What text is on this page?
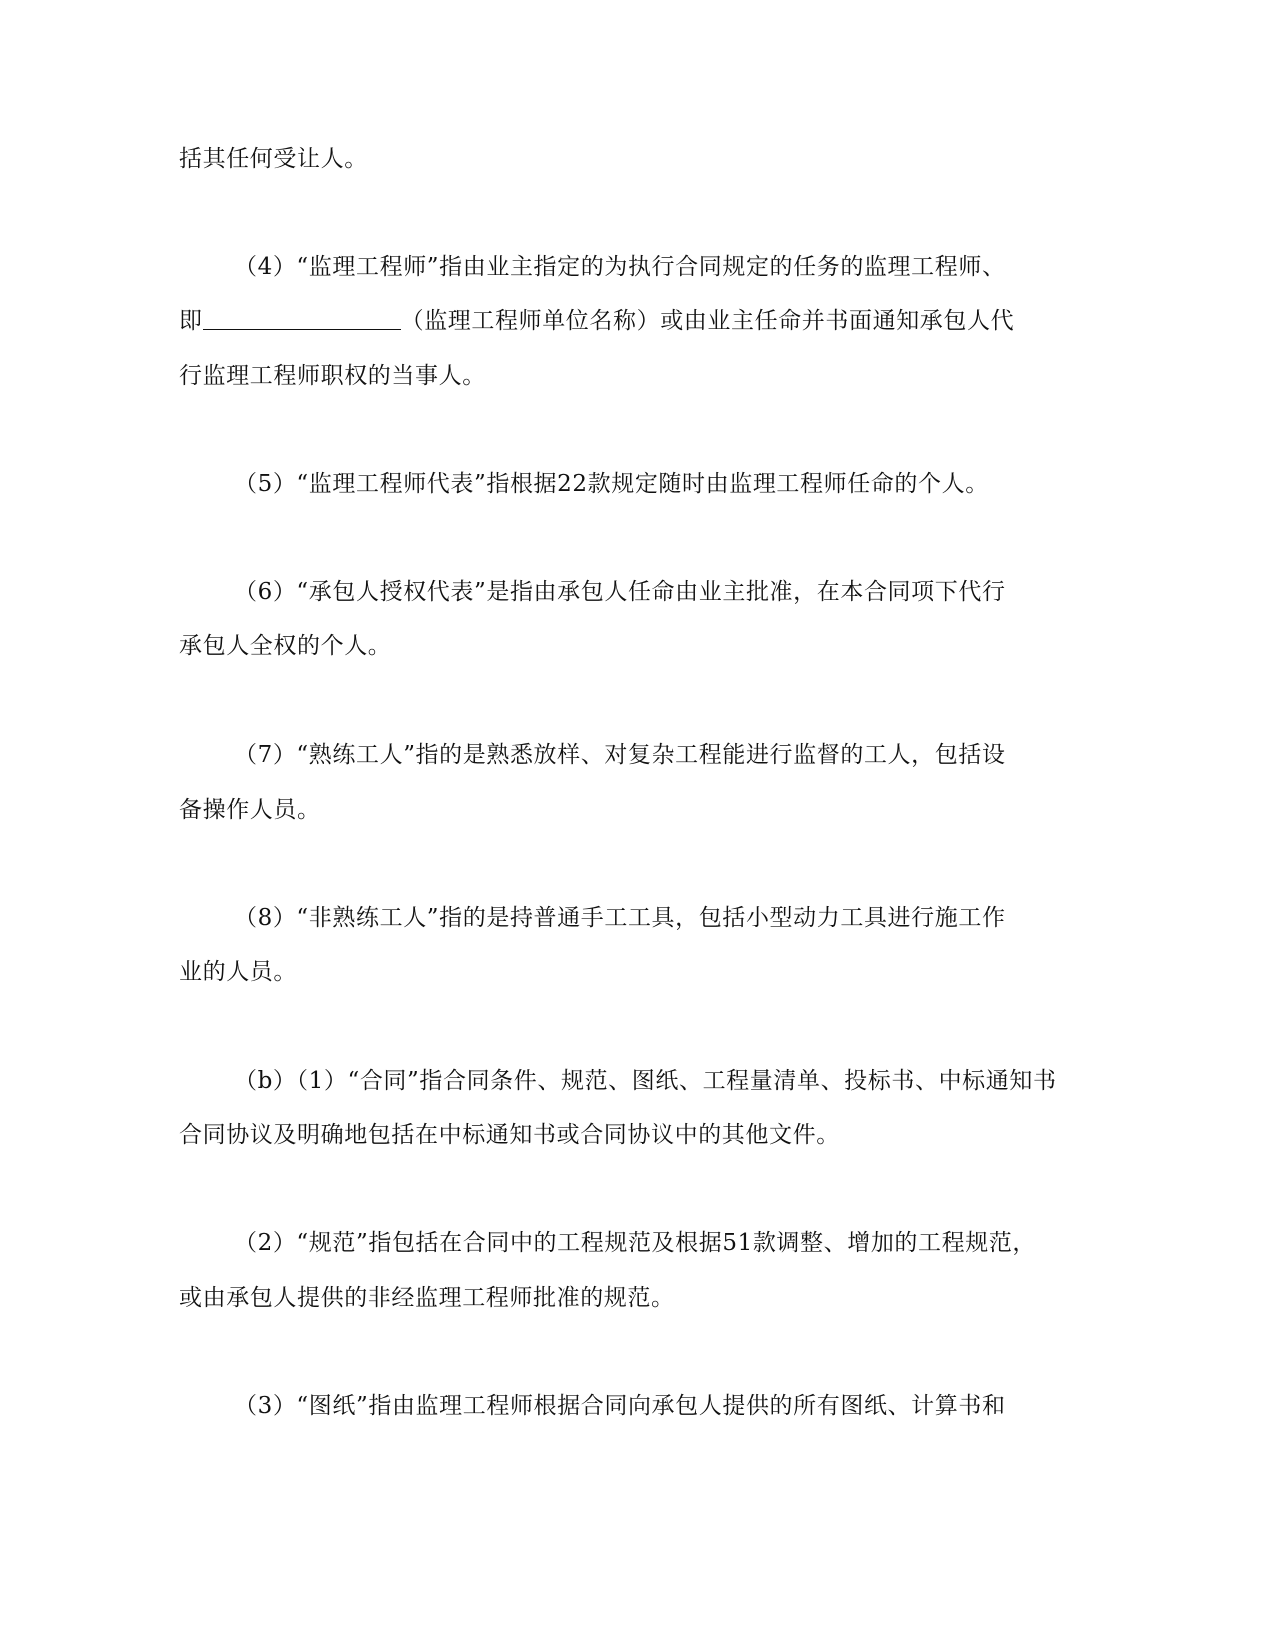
括其任何受让人。
（4）“监理工程师”指由业主指定的为执行合同规定的任务的监理工程师、
即	（监理工程师单位名称）或由业主任命并书面通知承包人代
行监理工程师职权的当事人。
（5）“监理工程师代表”指根据22款规定随时由监理工程师任命的个人。
（6）“承包人授权代表”是指由承包人任命由业主批准，在本合同项下代行
承包人全权的个人。
（7）“熟练工人”指的是熟悉放样、对复杂工程能进行监督的工人，包括设
备操作人员。
（8）“非熟练工人”指的是持普通手工工具，包括小型动力工具进行施工作
业的人员。
（b）（1）“合同”指合同条件、规范、图纸、工程量清单、投标书、中标通知书
合同协议及明确地包括在中标通知书或合同协议中的其他文件。
（2）“规范”指包括在合同中的工程规范及根据51款调整、增加的工程规范，
或由承包人提供的非经监理工程师批准的规范。
（3）“图纸”指由监理工程师根据合同向承包人提供的所有图纸、计算书和
